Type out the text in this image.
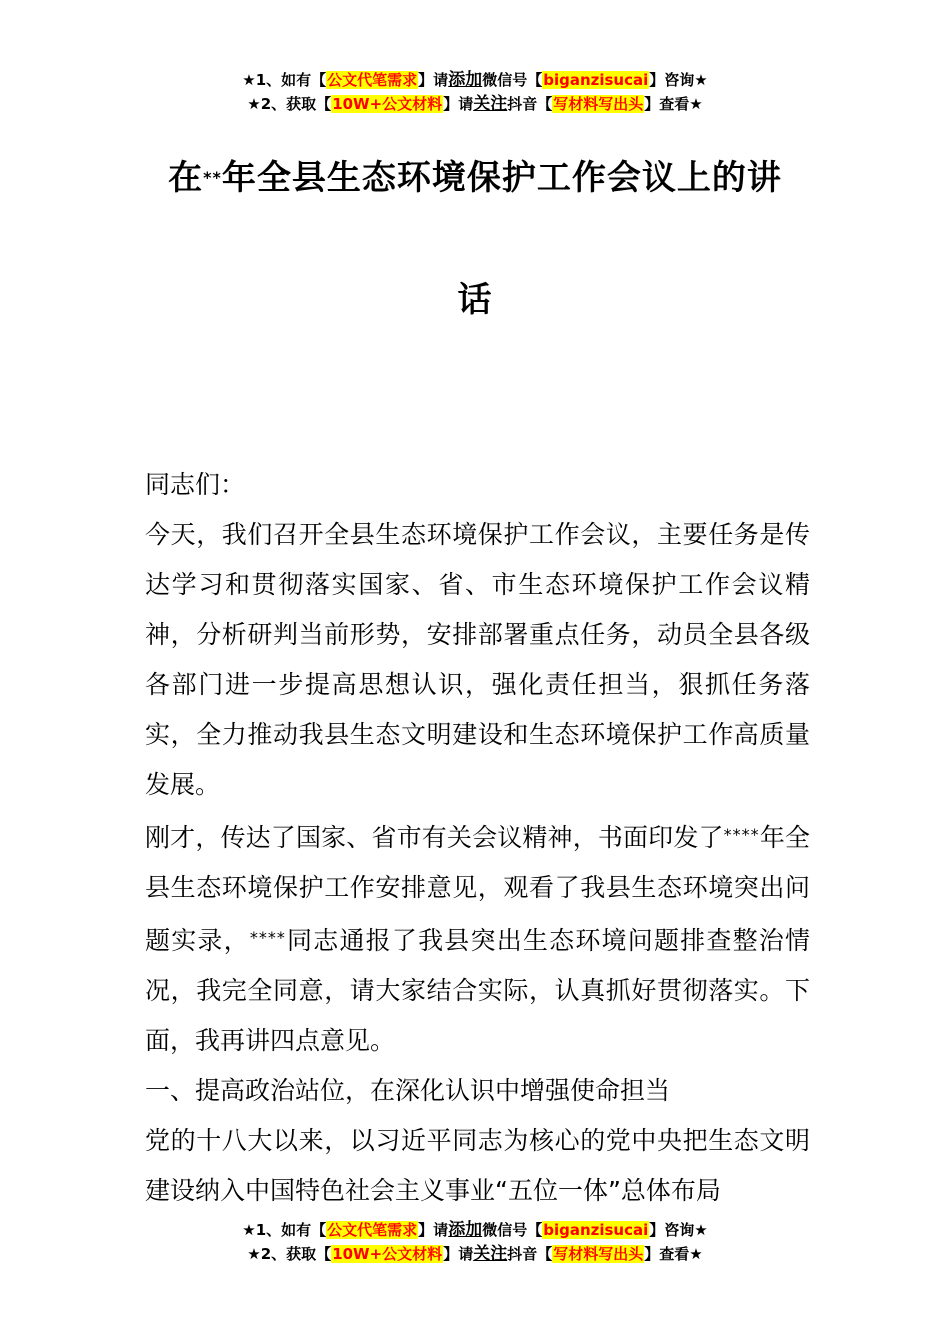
★1、如有【公文代笔需求】请添加微信号【biganzisucai】咨询★
★2、获取【10W+公文材料】请关注抖音【写材料写出头】查看★
在**年全县生态环境保护工作会议上的讲
话

同志们：

今天，我们召开全县生态环境保护工作会议，主要任务是传达学习和贯彻落实国家、省、市生态环境保护工作会议精神，分析研判当前形势，安排部署重点任务，动员全县各级各部门进一步提高思想认识，强化责任担当，狠抓任务落实，全力推动我县生态文明建设和生态环境保护工作高质量发展。

刚才，传达了国家、省市有关会议精神，书面印发了****年全县生态环境保护工作安排意见，观看了我县生态环境突出问题实录，****同志通报了我县突出生态环境问题排查整治情况，我完全同意，请大家结合实际，认真抓好贯彻落实。下面，我再讲四点意见。

一、提高政治站位，在深化认识中增强使命担当

党的十八大以来，以习近平同志为核心的党中央把生态文明建设纳入中国特色社会主义事业“五位一体”总体布局

★1、如有【公文代笔需求】请添加微信号【biganzisucai】咨询★
★2、获取【10W+公文材料】请关注抖音【写材料写出头】查看★
